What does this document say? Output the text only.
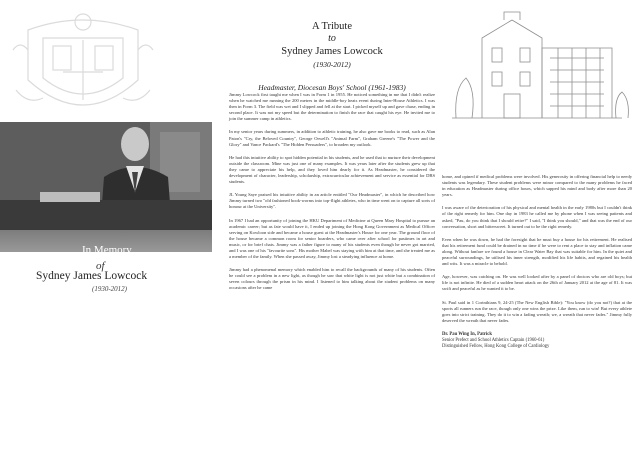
In Memory
of
Sydney James Lowcock
(1930-2012)

A Tribute

to

Sydney James Lowcock

(1930-2012)

Headmaster, Diocesan Boys' School (1961-1983)

Jimmy Lowcock first taught me when I was in Form 1 in 1955. He noticed something in me that I didn't realize when he watched me running the 200 metres in the middle-boy heats event during Inter-House Athletics. I was then in Form 3. The field was wet and I slipped and fell at the start. I picked myself up and gave chase, ending in second place. It was not my speed but the determination to finish the race that caught his eye. He invited me to join the summer camp in athletics.

In my senior years during summers, in addition to athletic training, he also gave me books to read, such as Alan Paton's "Cry, the Beloved Country", George Orwell's "Animal Farm", Graham Greene's "The Power and the Glory" and Vance Packard's "The Hidden Persuaders", to broaden my outlook.

He had this intuitive ability to spot hidden potential in his students, and he used that to nurture their development outside the classroom. Mine was just one of many examples. It was years later after the students grew up that they came to appreciate his help, and they loved him dearly for it. As Headmaster, he considered the development of character, leadership, scholarship, extracurricular achievement and service as essential for DBS students.

JL Young Saye praised his intuitive ability in an article entitled "Our Headmaster", in which he described how Jimmy turned two "old fashioned book-worms into top-flight athletes, who in time went on to capture all sorts of honour at the University".

In 1967 I had an opportunity of joining the HKU Department of Medicine at Queen Mary Hospital to pursue an academic career; but as fate would have it, I ended up joining the Hong Kong Government as Medical Officer serving on Kowloon side and became a house guest at the Headmaster's House for one year. The ground floor of the house became a common room for senior boarders, who came over after school for pastimes in art and music, or for brief chats. Jimmy was a father figure to many of his students even though he never got married, and I was one of his "favourite sons". His mother Mabel was staying with him at that time, and she treated me as a member of the family. When she passed away, Jimmy lost a steadying influence at home.

Jimmy had a phenomenal memory which enabled him to recall the backgrounds of many of his students. Often he could see a problem in a new light, as though he saw that white light is not just white but a combination of seven colours through the prism in his mind. I listened to him talking about the student problems on many occasions after he came

home, and opined if medical problems were involved. His generosity in offering financial help to needy students was legendary. These student problems were minor compared to the many problems he faced in education as Headmaster during office hours, which sapped his mind and body after more than 20 years.

I was aware of the deterioration of his physical and mental health in the early 1980s but I couldn't think of the right remedy for him. One day in 1983 he called me by phone when I was seeing patients and asked, "Pau, do you think that I should retire?" I said, "I think you should," and that was the end of our conversation, short and bittersweet. It turned out to be the right remedy.

Even when he was down, he had the foresight that he must buy a house for his retirement. He realised that his retirement fund could be drained in no time if he were to rent a place to stay and inflation came along. Without fanfare we found a house in Clear Water Bay that was suitable for him. In the quiet and peaceful surroundings, he utilised his inner strength, modified his life habits, and regained his health and wits. It was a miracle to behold.

Age, however, was catching on. He was well looked after by a panel of doctors who are old boys; but life is not infinite. He died of a sudden heart attack on the 26th of January 2012 at the age of 81. It was swift and peaceful as he wanted it to be.

St. Paul said in 1 Corinthians 9, 24-25 (The New English Bible): "You know (do you not?) that at the sports all runners run the race, though only one wins the prize. Like them, run to win! But every athlete goes into strict training. They do it to win a fading wreath; we, a wreath that never fades." Jimmy fully deserved the wreath that never fades.

Dr. Pau Wing In, Patrick
Senior Prefect and School Athletics Captain (1960-61)
Distinguished Fellow, Hong Kong College of Cardiology
